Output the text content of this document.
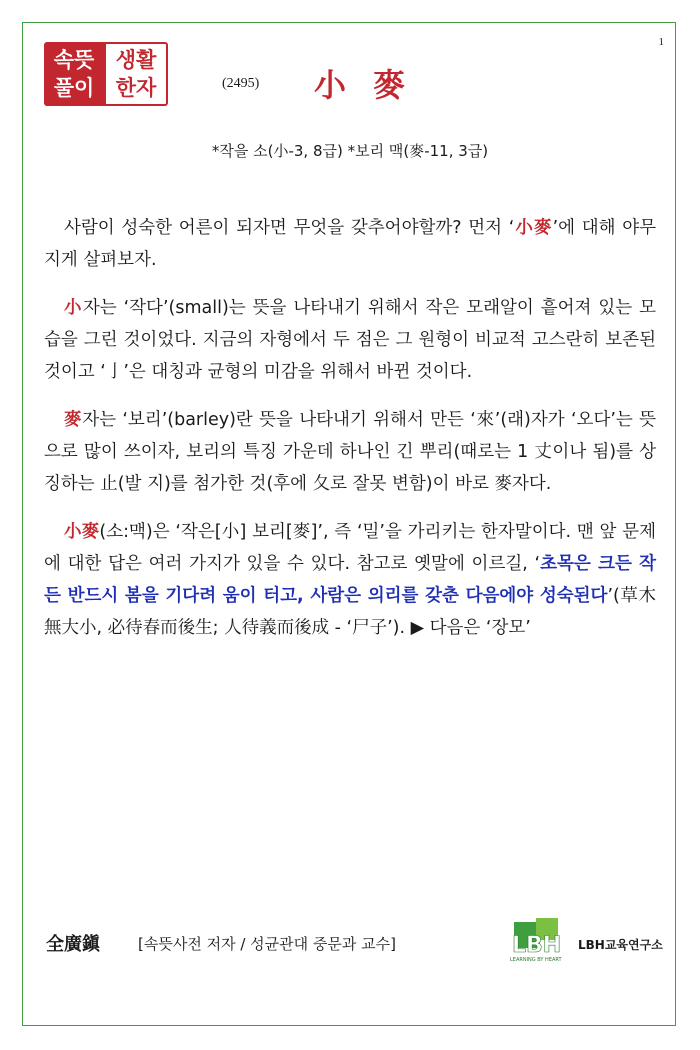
1
속뜻
풀이
생활
한자	(2495) 小 麥
*작을 소(小-3, 8급) *보리 맥(麥-11, 3급)

사람이 성숙한 어른이 되자면 무엇을 갖추어야할까? 먼저 ‘小麥’에 대해 야무지게 살펴보자.

小자는 ‘작다’(small)는 뜻을 나타내기 위해서 작은 모래알이 흩어져 있는 모습을 그린 것이었다. 지금의 자형에서 두 점은 그 원형이 비교적 고스란히 보존된 것이고 ‘亅’은 대칭과 균형의 미감을 위해서 바뀐 것이다.

麥자는 ‘보리’(barley)란 뜻을 나타내기 위해서 만든 ‘來’(래)자가 ‘오다’는 뜻으로 많이 쓰이자, 보리의 특징 가운데 하나인 긴 뿌리(때로는 1 丈이나 됨)를 상징하는 止(발 지)를 첨가한 것(후에 夂로 잘못 변함)이 바로 麥자다.

小麥(소:맥)은 ‘작은[小] 보리[麥]’, 즉 ‘밀’을 가리키는 한자말이다. 맨 앞 문제에 대한 답은 여러 가지가 있을 수 있다. 참고로 옛말에 이르길, ‘초목은 크든 작든 반드시 봄을 기다려 움이 터고, 사람은 의리를 갖춘 다음에야 성숙된다’(草木無大小, 必待春而後生; 人待義而後成 - ‘尸子’). ▶ 다음은 ‘장모’

全廣鎭	[속뜻사전 저자 / 성균관대 중문과 교수]	LBH
LEARNING BY HEART
LBH교육연구소
